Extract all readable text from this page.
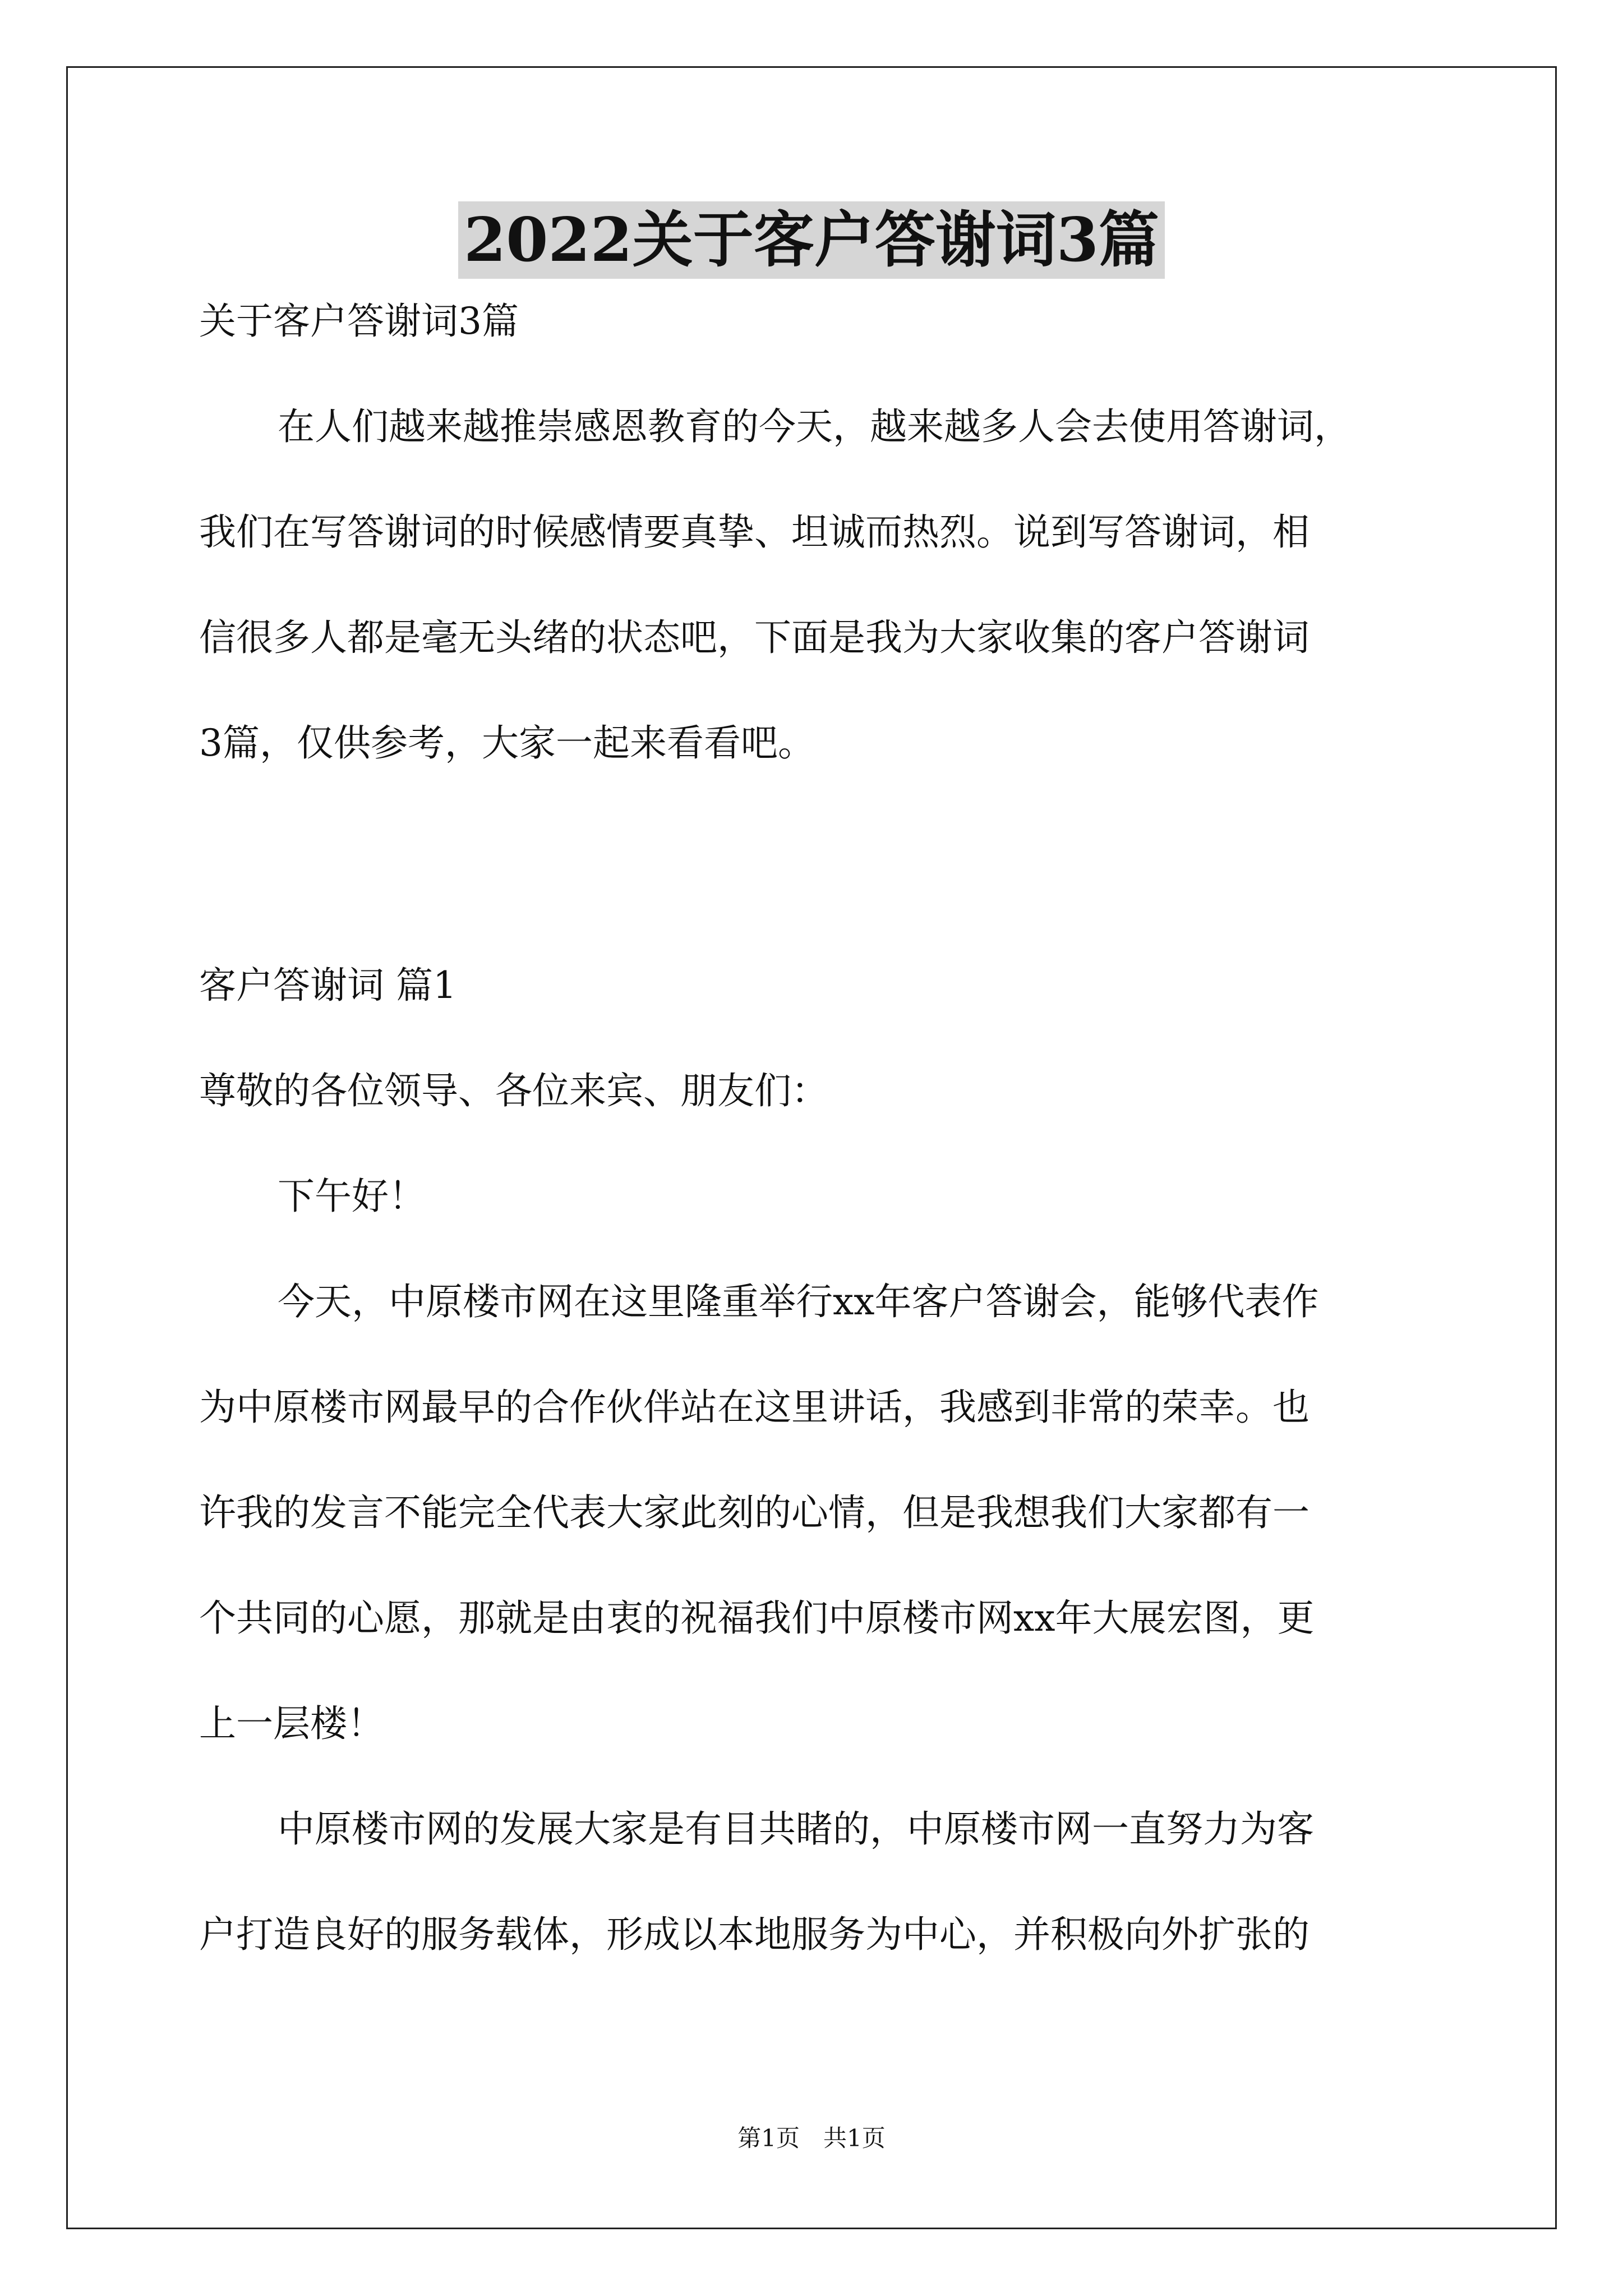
2022关于客户答谢词3篇

关于客户答谢词3篇

在人们越来越推崇感恩教育的今天，越来越多人会去使用答谢词，

我们在写答谢词的时候感情要真挚、坦诚而热烈。说到写答谢词，相

信很多人都是毫无头绪的状态吧，下面是我为大家收集的客户答谢词

3篇，仅供参考，大家一起来看看吧。

客户答谢词 篇1

尊敬的各位领导、各位来宾、朋友们：

下午好！

今天，中原楼市网在这里隆重举行xx年客户答谢会，能够代表作

为中原楼市网最早的合作伙伴站在这里讲话，我感到非常的荣幸。也

许我的发言不能完全代表大家此刻的心情，但是我想我们大家都有一

个共同的心愿，那就是由衷的祝福我们中原楼市网xx年大展宏图，更

上一层楼！

中原楼市网的发展大家是有目共睹的，中原楼市网一直努力为客

户打造良好的服务载体，形成以本地服务为中心，并积极向外扩张的

第1页　共1页
